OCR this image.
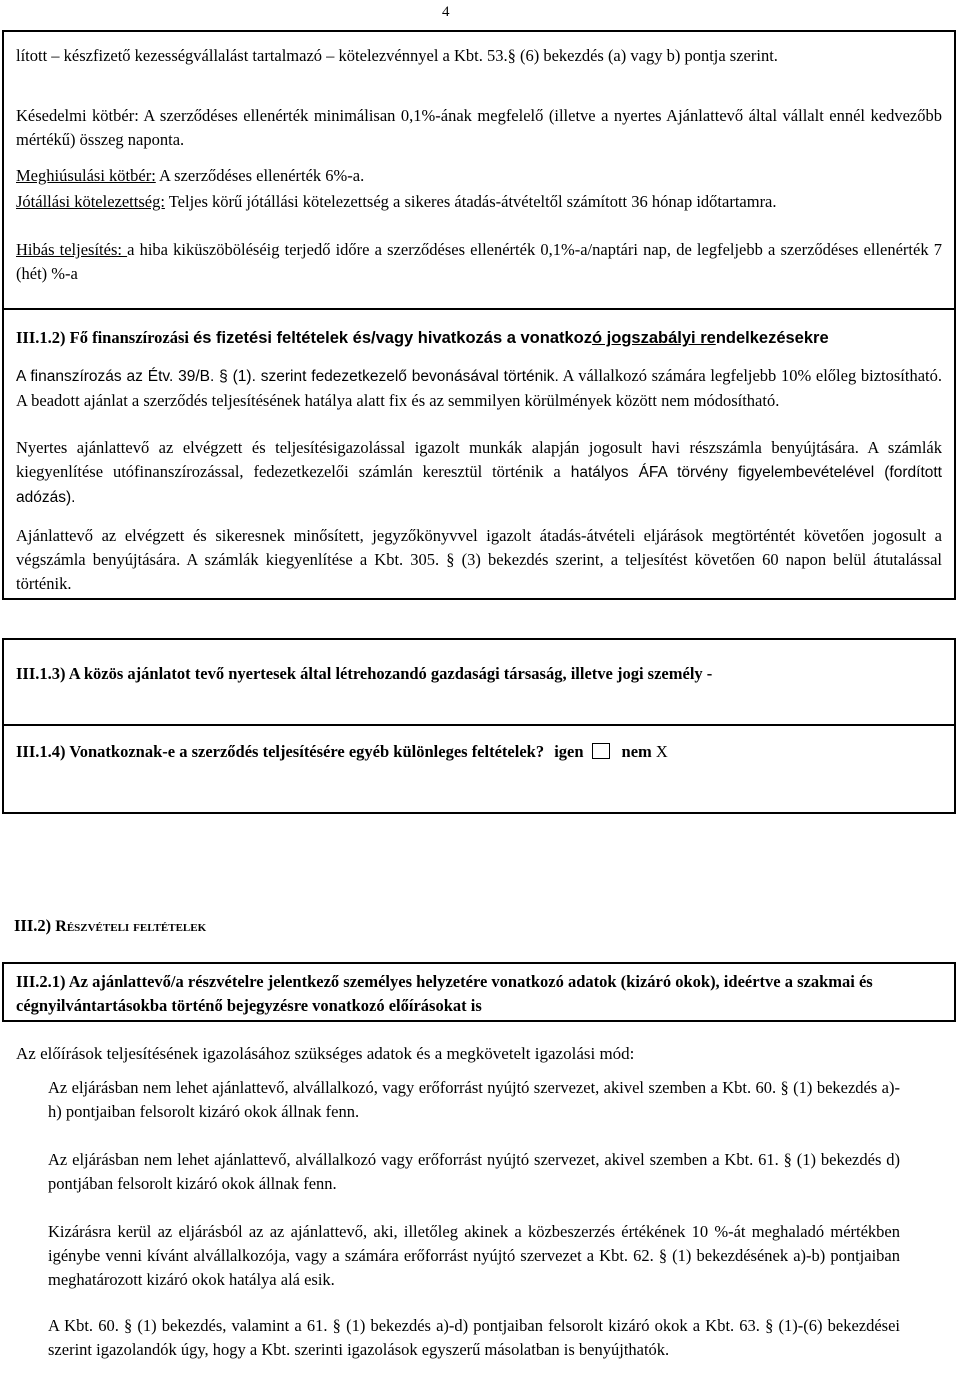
4

lított – készfizető kezességvállalást tartalmazó – kötelezvénnyel a Kbt. 53.§ (6) bekezdés (a) vagy b) pontja szerint.

Késedelmi kötbér: A szerződéses ellenérték minimálisan 0,1%-ának megfelelő (illetve a nyertes Ajánlattevő által vállalt ennél kedvezőbb mértékű) összeg naponta.

Meghiúsulási kötbér: A szerződéses ellenérték 6%-a.

Jótállási kötelezettség: Teljes körű jótállási kötelezettség a sikeres átadás-átvételtől számított 36 hónap időtartamra.

Hibás teljesítés: a hiba kiküszöböléséig terjedő időre a szerződéses ellenérték 0,1%-a/naptári nap, de legfeljebb a szerződéses ellenérték 7 (hét) %-a

III.1.2) Fő finanszírozási és fizetési feltételek és/vagy hivatkozás a vonatkozó jogszabályi rendelkezésekre

A finanszírozás az Étv. 39/B. § (1). szerint fedezetkezelő bevonásával történik. A vállalkozó számára legfeljebb 10% előleg biztosítható. A beadott ajánlat a szerződés teljesítésének hatálya alatt fix és az semmilyen körülmények között nem módosítható.

Nyertes ajánlattevő az elvégzett és teljesítésigazolással igazolt munkák alapján jogosult havi részszámla benyújtására. A számlák kiegyenlítése utófinanszírozással, fedezetkezelői számlán keresztül történik a hatályos ÁFA törvény figyelembevételével (fordított adózás).

Ajánlattevő az elvégzett és sikeresnek minősített, jegyzőkönyvvel igazolt átadás-átvételi eljárások megtörténtét követően jogosult a végszámla benyújtására. A számlák kiegyenlítése a Kbt. 305. § (3) bekezdés szerint, a teljesítést követően 60 napon belül átutalással történik.

III.1.3) A közös ajánlatot tevő nyertesek által létrehozandó gazdasági társaság, illetve jogi személy -

III.1.4) Vonatkoznak-e a szerződés teljesítésére egyéb különleges feltételek? igen nem X

III.2) Részvételi feltételek

III.2.1) Az ajánlattevő/a részvételre jelentkező személyes helyzetére vonatkozó adatok (kizáró okok), ideértve a szakmai és cégnyilvántartásokba történő bejegyzésre vonatkozó előírásokat is

Az előírások teljesítésének igazolásához szükséges adatok és a megkövetelt igazolási mód:

Az eljárásban nem lehet ajánlattevő, alvállalkozó, vagy erőforrást nyújtó szervezet, akivel szemben a Kbt. 60. § (1) bekezdés a)-h) pontjaiban felsorolt kizáró okok állnak fenn.

Az eljárásban nem lehet ajánlattevő, alvállalkozó vagy erőforrást nyújtó szervezet, akivel szemben a Kbt. 61. § (1) bekezdés d) pontjában felsorolt kizáró okok állnak fenn.

Kizárásra kerül az eljárásból az az ajánlattevő, aki, illetőleg akinek a közbeszerzés értékének 10 %-át meghaladó mértékben igénybe venni kívánt alvállalkozója, vagy a számára erőforrást nyújtó szervezet a Kbt. 62. § (1) bekezdésének a)-b) pontjaiban meghatározott kizáró okok hatálya alá esik.

A Kbt. 60. § (1) bekezdés, valamint a 61. § (1) bekezdés a)-d) pontjaiban felsorolt kizáró okok a Kbt. 63. § (1)-(6) bekezdései szerint igazolandók úgy, hogy a Kbt. szerinti igazolások egyszerű másolatban is benyújthatók.
